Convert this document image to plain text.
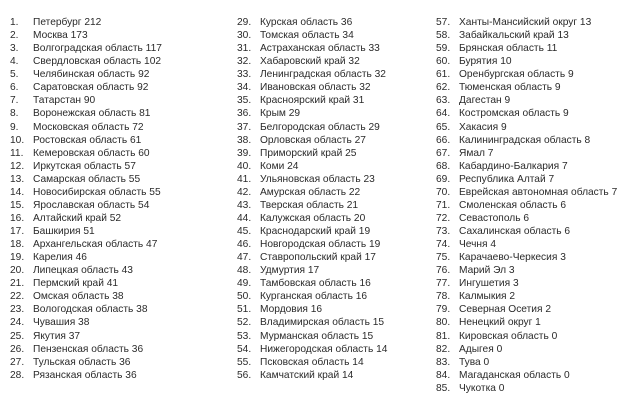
1.	Петербург 212
2.	Москва 173
3.	Волгоградская область 117
4.	Свердловская область 102
5.	Челябинская область 92
6.	Саратовская область 92
7.	Татарстан 90
8.	Воронежская область 81
9.	Московская область 72
10. Ростовская область 61
11. Кемеровская область 60
12. Иркутская область 57
13. Самарская область 55
14. Новосибирская область 55
15. Ярославская область 54
16. Алтайский край 52
17. Башкирия 51
18. Архангельская область 47
19. Карелия 46
20. Липецкая область 43
21. Пермский край 41
22. Омская область 38
23. Вологодская область 38
24. Чувашия 38
25. Якутия 37
26. Пензенская область 36
27. Тульская область 36
28. Рязанская область 36
29. Курская область 36
30. Томская область 34
31. Астраханская область 33
32. Хабаровский край 32
33. Ленинградская область 32
34. Ивановская область 32
35. Красноярский край 31
36. Крым 29
37. Белгородская область 29
38. Орловская область 27
39. Приморский край 25
40. Коми 24
41. Ульяновская область 23
42. Амурская область 22
43. Тверская область 21
44. Калужская область 20
45. Краснодарский край 19
46. Новгородская область 19
47. Ставропольский край 17
48. Удмуртия 17
49. Тамбовская область 16
50. Курганская область 16
51. Мордовия 16
52. Владимирская область 15
53. Мурманская область 15
54. Нижегородская область 14
55. Псковская область 14
56. Камчатский край 14
57. Ханты-Мансийский округ 13
58. Забайкальский край 13
59. Брянская область 11
60. Бурятия 10
61. Оренбургская область 9
62. Тюменская область 9
63. Дагестан 9
64. Костромская область 9
65. Хакасия 9
66. Калининградская область 8
67. Ямал 7
68. Кабардино-Балкария 7
69. Республика Алтай 7
70. Еврейская автономная область 7
71. Смоленская область 6
72. Севастополь 6
73. Сахалинская область 6
74. Чечня 4
75. Карачаево-Черкесия 3
76. Марий Эл 3
77. Ингушетия 3
78. Калмыкия 2
79. Северная Осетия 2
80. Ненецкий округ 1
81. Кировская область 0
82. Адыгея 0
83. Тува 0
84. Магаданская область 0
85. Чукотка 0
